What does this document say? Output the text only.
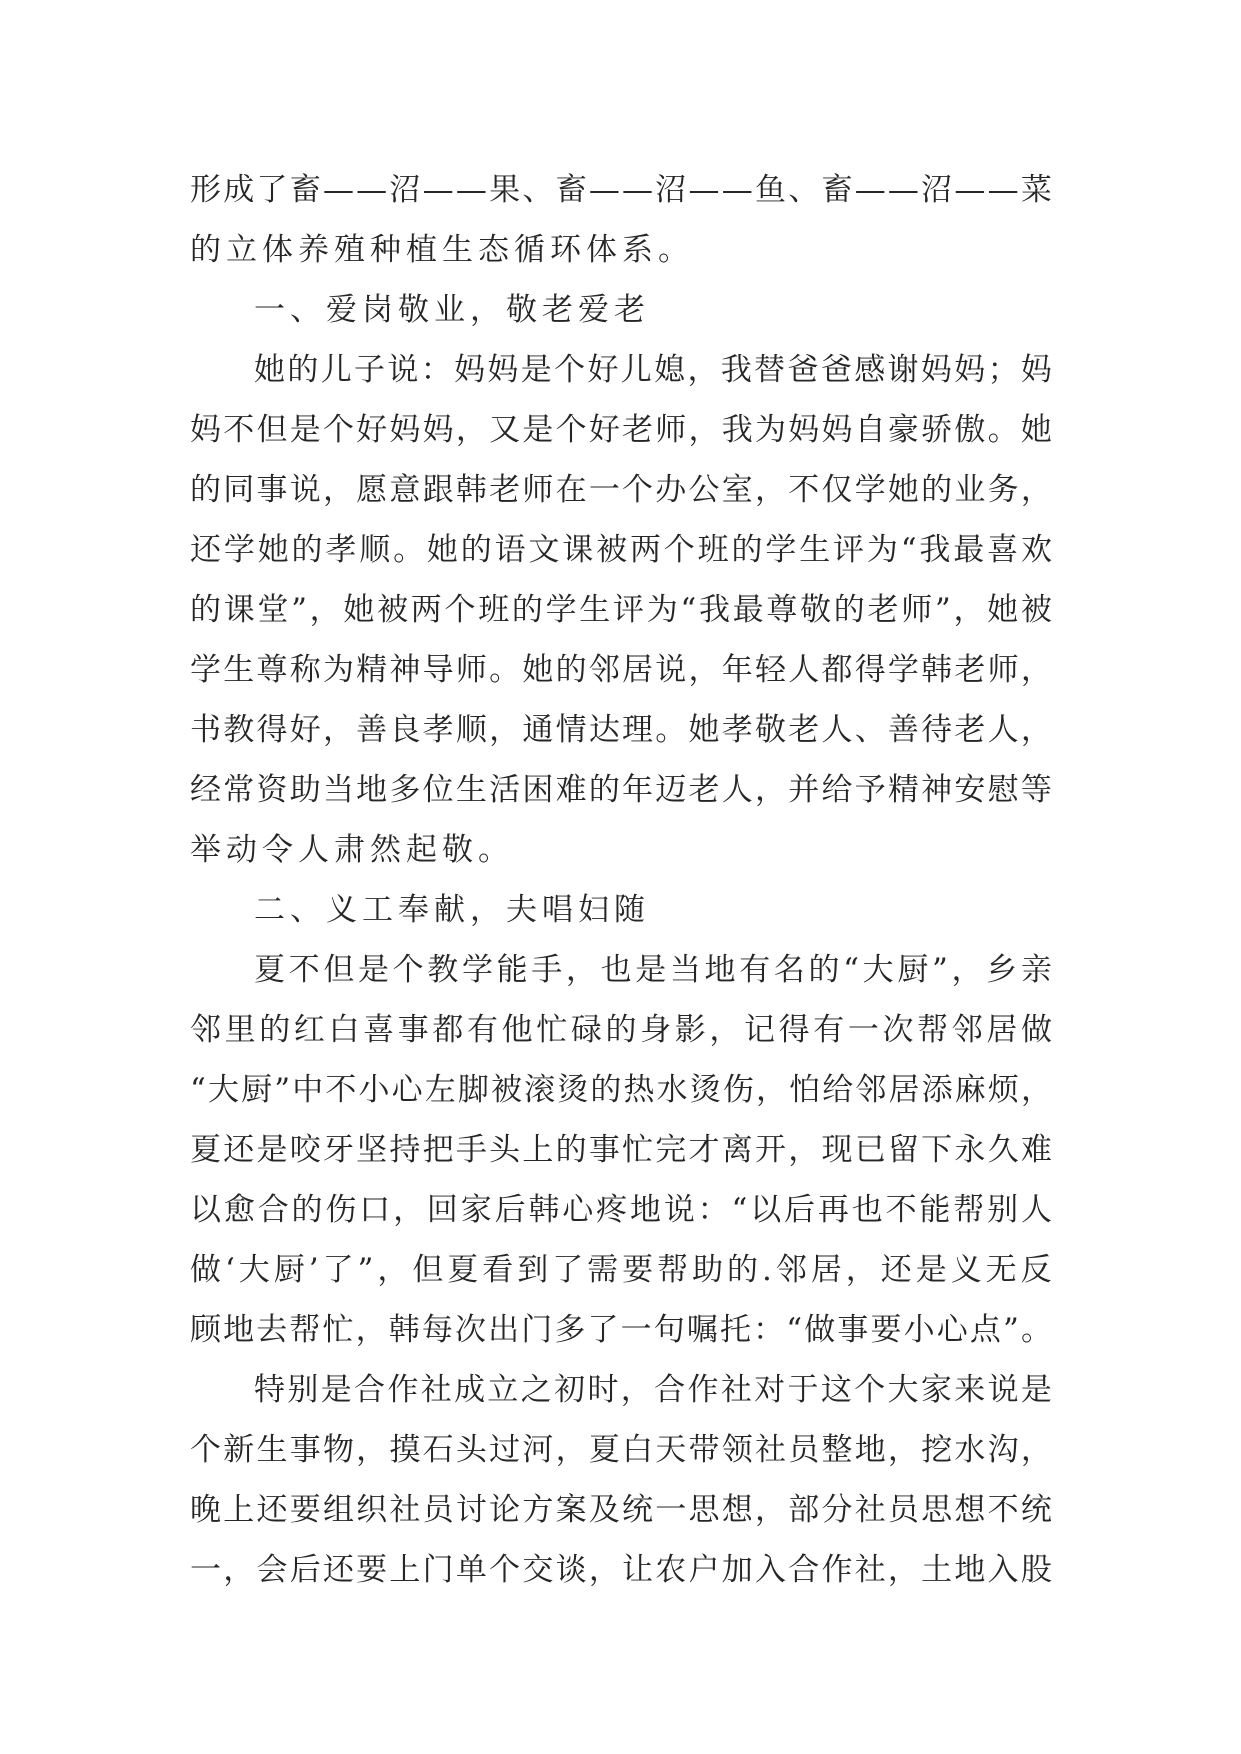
形 成 了 畜 — — 沼 — — 果 、 畜 — — 沼 — — 鱼 、 畜 — — 沼 — — 菜
的立体养殖种植生态循环体系。
一、爱岗敬业，敬老爱老
她 的 儿 子 说 ： 妈 妈 是 个 好 儿 媳 ， 我 替 爸 爸 感 谢 妈 妈 ； 妈
妈 不 但 是 个 好 妈 妈 ， 又 是 个 好 老 师 ， 我 为 妈 妈 自 豪 骄 傲 。 她
的 同 事 说 ， 愿 意 跟 韩 老 师 在 一 个 办 公 室 ， 不 仅 学 她 的 业 务 ，
还 学 她 的 孝 顺 。 她 的 语 文 课 被 两 个 班 的 学 生 评 为 “ 我 最 喜 欢
的 课 堂 ” ， 她 被 两 个 班 的 学 生 评 为 “ 我 最 尊 敬 的 老 师 ” ， 她 被
学 生 尊 称 为 精 神 导 师 。 她 的 邻 居 说 ， 年 轻 人 都 得 学 韩 老 师 ，
书 教 得 好 ， 善 良 孝 顺 ， 通 情 达 理 。 她 孝 敬 老 人 、 善 待 老 人 ，
经 常 资 助 当 地 多 位 生 活 困 难 的 年 迈 老 人 ， 并 给 予 精 神 安 慰 等
举动令人肃然起敬。
二、义工奉献，夫唱妇随
夏 不 但 是 个 教 学 能 手 ， 也 是 当 地 有 名 的 “ 大 厨 ” ， 乡 亲
邻 里 的 红 白 喜 事 都 有 他 忙 碌 的 身 影 ， 记 得 有 一 次 帮 邻 居 做
“ 大 厨 ” 中 不 小 心 左 脚 被 滚 烫 的 热 水 烫 伤 ， 怕 给 邻 居 添 麻 烦 ，
夏 还 是 咬 牙 坚 持 把 手 头 上 的 事 忙 完 才 离 开 ， 现 已 留 下 永 久 难
以 愈 合 的 伤 口 ， 回 家 后 韩 心 疼 地 说 ： “ 以 后 再 也 不 能 帮 别 人
做 ‘ 大 厨 ’ 了 ” ， 但 夏 看 到 了 需 要 帮 助 的 . 邻 居 ， 还 是 义 无 反
顾 地 去 帮 忙 ， 韩 每 次 出 门 多 了 一 句 嘱 托 ： “ 做 事 要 小 心 点 ” 。
特 别 是 合 作 社 成 立 之 初 时 ， 合 作 社 对 于 这 个 大 家 来 说 是
个 新 生 事 物 ， 摸 石 头 过 河 ， 夏 白 天 带 领 社 员 整 地 ， 挖 水 沟 ，
晚 上 还 要 组 织 社 员 讨 论 方 案 及 统 一 思 想 ， 部 分 社 员 思 想 不 统
一 ， 会 后 还 要 上 门 单 个 交 谈 ， 让 农 户 加 入 合 作 社 ， 土 地 入 股
